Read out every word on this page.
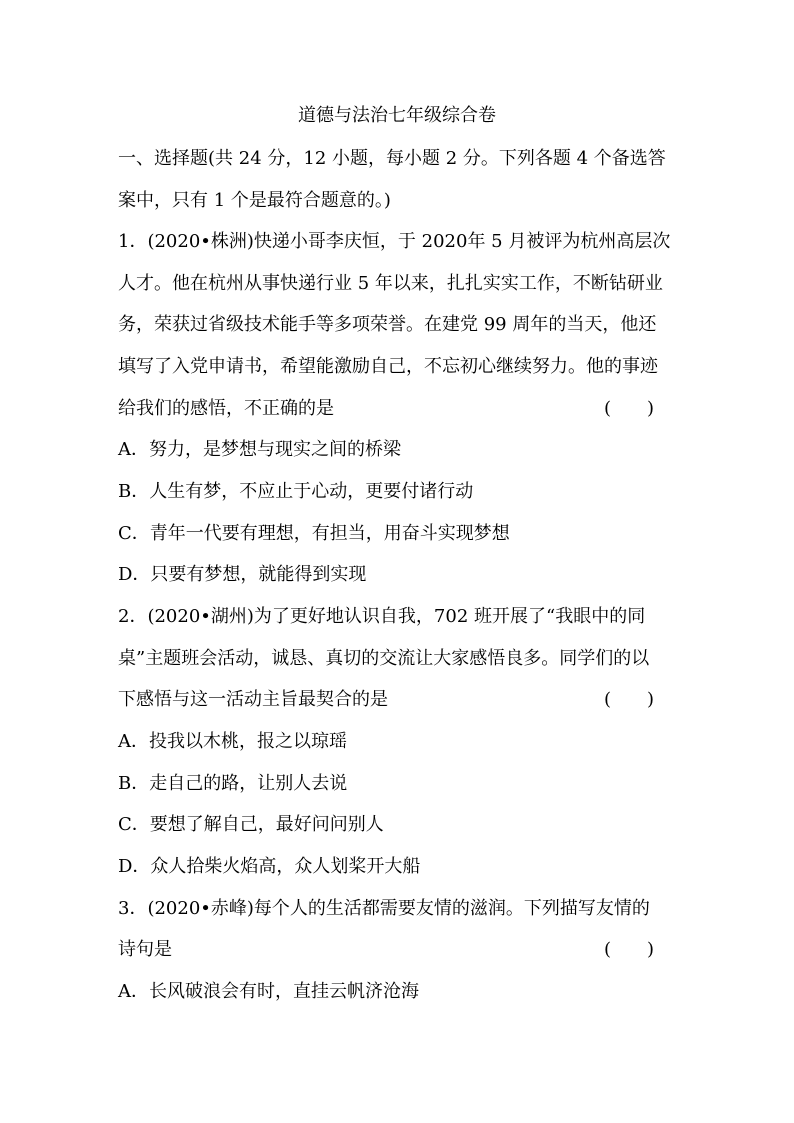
道德与法治七年级综合卷
一、选择题(共 24 分，12 小题，每小题 2 分。下列各题 4 个备选答
案中，只有 1 个是最符合题意的。)
1．(2020•株洲)快递小哥李庆恒，于 2020年 5 月被评为杭州高层次
人才。他在杭州从事快递行业 5 年以来，扎扎实实工作，不断钻研业
务，荣获过省级技术能手等多项荣誉。在建党 99 周年的当天，他还
填写了入党申请书，希望能激励自己，不忘初心继续努力。他的事迹
给我们的感悟，不正确的是	(　　)
A．努力，是梦想与现实之间的桥梁
B．人生有梦，不应止于心动，更要付诸行动
C．青年一代要有理想，有担当，用奋斗实现梦想
D．只要有梦想，就能得到实现
2．(2020•湖州)为了更好地认识自我，702 班开展了“我眼中的同
桌”主题班会活动，诚恳、真切的交流让大家感悟良多。同学们的以
下感悟与这一活动主旨最契合的是	(　　)
A．投我以木桃，报之以琼瑶
B．走自己的路，让别人去说
C．要想了解自己，最好问问别人
D．众人拾柴火焰高，众人划桨开大船
3．(2020•赤峰)每个人的生活都需要友情的滋润。下列描写友情的
诗句是	(　　)
A．长风破浪会有时，直挂云帆济沧海
